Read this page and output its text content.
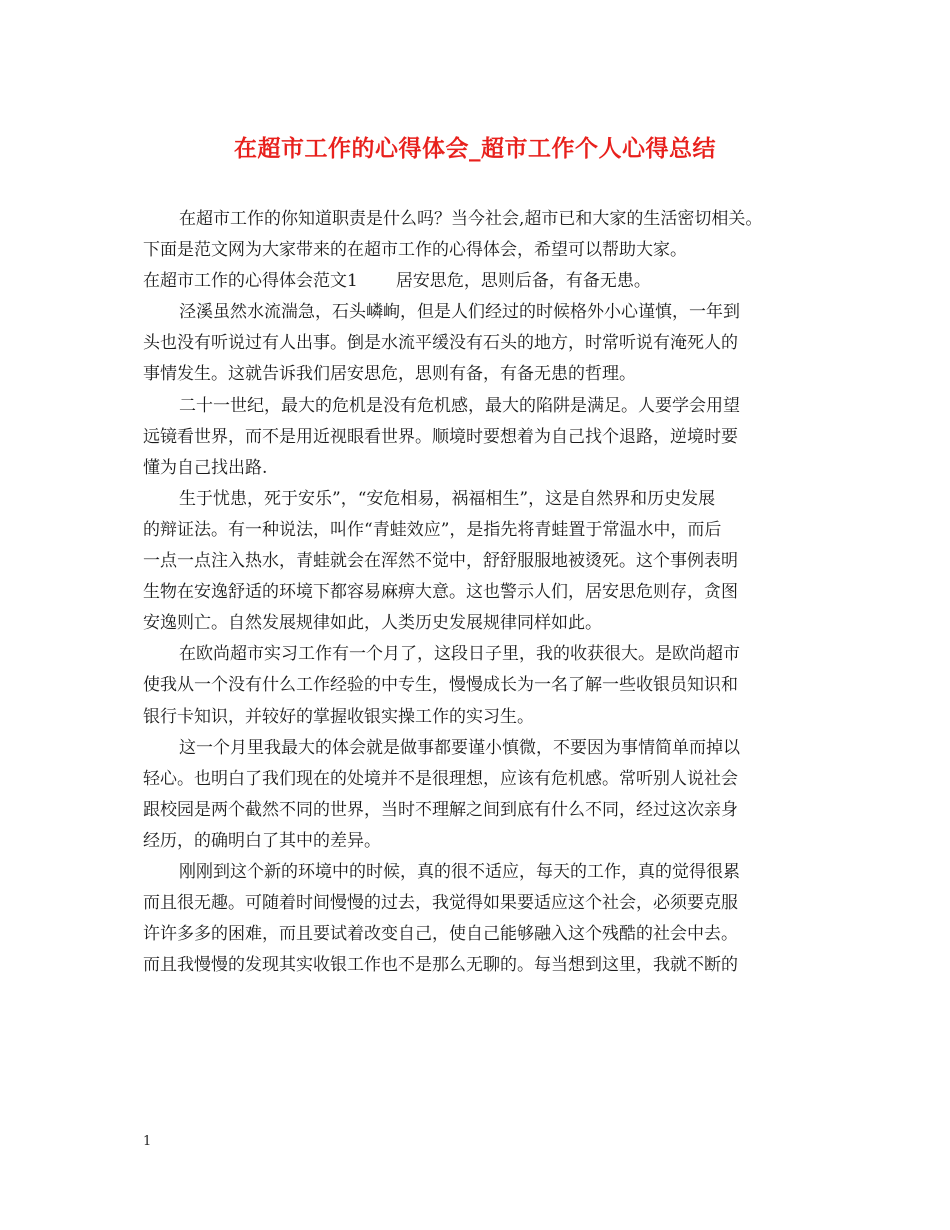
在超市工作的心得体会_超市工作个人心得总结
在超市工作的你知道职责是什么吗？当今社会,超市已和大家的生活密切相关。
下面是范文网为大家带来的在超市工作的心得体会，希望可以帮助大家。
在超市工作的心得体会范文1 居安思危，思则后备，有备无患。
泾溪虽然水流湍急，石头嶙峋，但是人们经过的时候格外小心谨慎，一年到
头也没有听说过有人出事。倒是水流平缓没有石头的地方，时常听说有淹死人的
事情发生。这就告诉我们居安思危，思则有备，有备无患的哲理。
二十一世纪，最大的危机是没有危机感，最大的陷阱是满足。人要学会用望
远镜看世界，而不是用近视眼看世界。顺境时要想着为自己找个退路，逆境时要
懂为自己找出路.
生于忧患，死于安乐”，“安危相易，祸福相生”，这是自然界和历史发展
的辩证法。有一种说法，叫作“青蛙效应”，是指先将青蛙置于常温水中，而后
一点一点注入热水，青蛙就会在浑然不觉中，舒舒服服地被烫死。这个事例表明
生物在安逸舒适的环境下都容易麻痹大意。这也警示人们，居安思危则存，贪图
安逸则亡。自然发展规律如此，人类历史发展规律同样如此。
在欧尚超市实习工作有一个月了，这段日子里，我的收获很大。是欧尚超市
使我从一个没有什么工作经验的中专生，慢慢成长为一名了解一些收银员知识和
银行卡知识，并较好的掌握收银实操工作的实习生。
这一个月里我最大的体会就是做事都要谨小慎微，不要因为事情简单而掉以
轻心。也明白了我们现在的处境并不是很理想，应该有危机感。常听别人说社会
跟校园是两个截然不同的世界，当时不理解之间到底有什么不同，经过这次亲身
经历，的确明白了其中的差异。
刚刚到这个新的环境中的时候，真的很不适应，每天的工作，真的觉得很累
而且很无趣。可随着时间慢慢的过去，我觉得如果要适应这个社会，必须要克服
许许多多的困难，而且要试着改变自己，使自己能够融入这个残酷的社会中去。
而且我慢慢的发现其实收银工作也不是那么无聊的。每当想到这里，我就不断的
1
